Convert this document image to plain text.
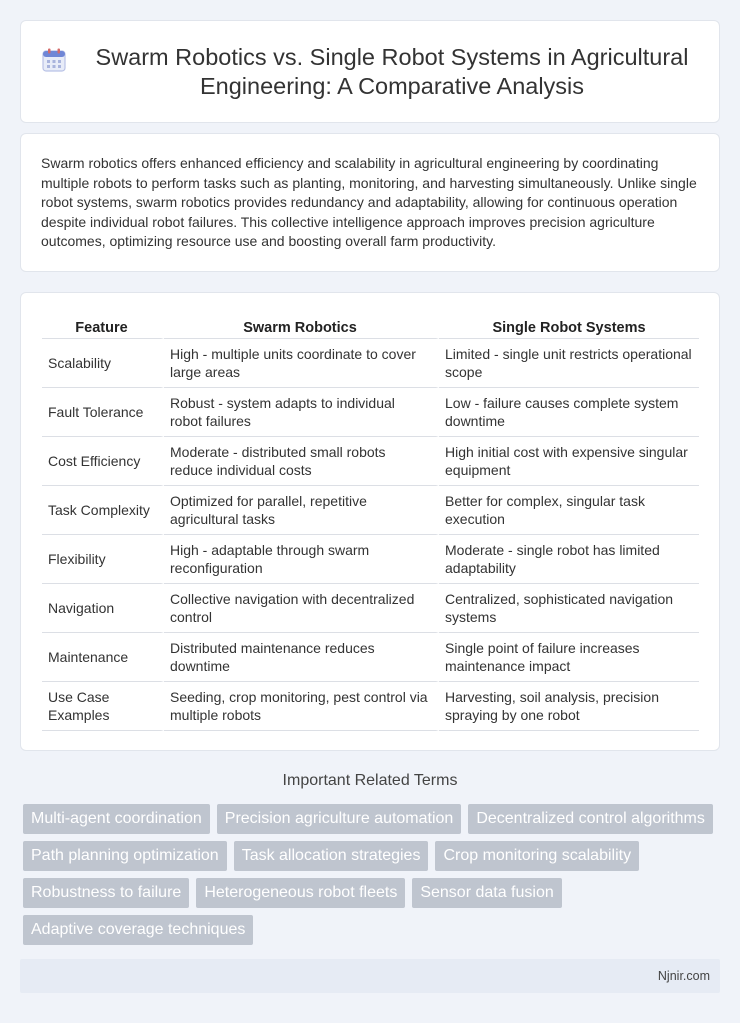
Swarm Robotics vs. Single Robot Systems in Agricultural Engineering: A Comparative Analysis

Swarm robotics offers enhanced efficiency and scalability in agricultural engineering by coordinating multiple robots to perform tasks such as planting, monitoring, and harvesting simultaneously. Unlike single robot systems, swarm robotics provides redundancy and adaptability, allowing for continuous operation despite individual robot failures. This collective intelligence approach improves precision agriculture outcomes, optimizing resource use and boosting overall farm productivity.

Feature	Swarm Robotics	Single Robot Systems
Scalability	High - multiple units coordinate to cover large areas	Limited - single unit restricts operational scope
Fault Tolerance	Robust - system adapts to individual robot failures	Low - failure causes complete system downtime
Cost Efficiency	Moderate - distributed small robots reduce individual costs	High initial cost with expensive singular equipment
Task Complexity	Optimized for parallel, repetitive agricultural tasks	Better for complex, singular task execution
Flexibility	High - adaptable through swarm reconfiguration	Moderate - single robot has limited adaptability
Navigation	Collective navigation with decentralized control	Centralized, sophisticated navigation systems
Maintenance	Distributed maintenance reduces downtime	Single point of failure increases maintenance impact
Use Case Examples	Seeding, crop monitoring, pest control via multiple robots	Harvesting, soil analysis, precision spraying by one robot
Important Related Terms
Multi-agent coordination	Precision agriculture automation	Decentralized control algorithms
Path planning optimization	Task allocation strategies	Crop monitoring scalability
Robustness to failure	Heterogeneous robot fleets	Sensor data fusion
Adaptive coverage techniques
Njnir.com
